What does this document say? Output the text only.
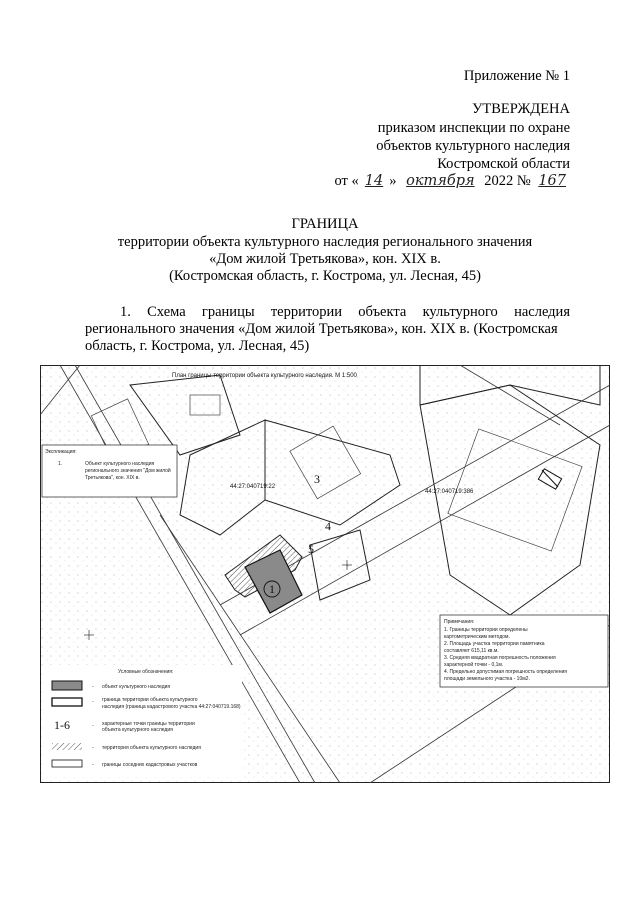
Приложение № 1
УТВЕРЖДЕНА
приказом инспекции по охране
объектов культурного наследия
Костромской области
от « 14 » октября 2022 № 167
ГРАНИЦА
территории объекта культурного наследия регионального значения
«Дом жилой Третьякова», кон. XIX в.
(Костромская область, г. Кострома, ул. Лесная, 45)
1. Схема границы территории объекта культурного наследия
регионального значения «Дом жилой Третьякова», кон. XIX в. (Костромская
область, г. Кострома, ул. Лесная, 45)
1
3
4
5
План границы территории объекта культурного наследия. М 1:500
44:27:040719:22
44:27:040719:386
Экспликация:
1.	Объект культурного наследия
регионального значения "Дом жилой
Третьякова", кон. XIX в.
Примечания:
1. Границы территории определены
картометрическим методом.
2. Площадь участка территории памятника
составляет 615,11 кв.м.
3. Средняя квадратная погрешность положения
характерной точки - 0,1м.
4. Предельно допустимая погрешность определения
площади земельного участка - 10м2.
Условные обозначения:
- объект культурного наследия
- граница территории объекта культурного
наследия (граница кадастрового участка 44:27:040719.168)
1-6	- характерные точки границы территории
объекта культурного наследия
- территория объекта культурного наследия
- границы соседних кадастровых участков
